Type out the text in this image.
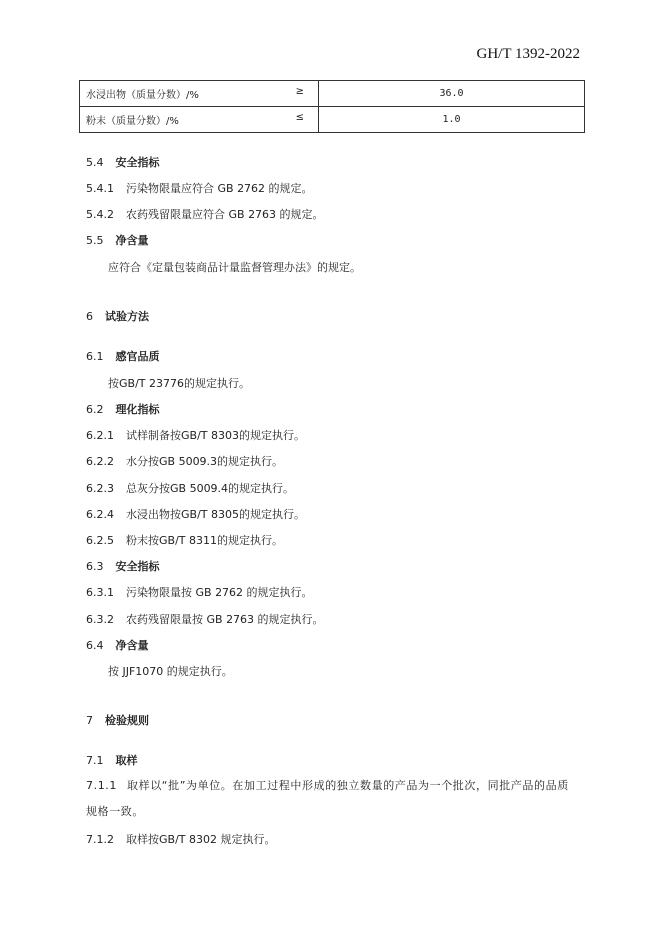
GH/T 1392-2022
水浸出物（质量分数）/% ≥	36.0
粉末（质量分数）/% ≤	1.0
5.4 安全指标
5.4.1 污染物限量应符合 GB 2762 的规定。
5.4.2 农药残留限量应符合 GB 2763 的规定。
5.5 净含量
应符合《定量包装商品计量监督管理办法》的规定。
6 试验方法
6.1 感官品质
按GB/T 23776的规定执行。
6.2 理化指标
6.2.1 试样制备按GB/T 8303的规定执行。
6.2.2 水分按GB 5009.3的规定执行。
6.2.3 总灰分按GB 5009.4的规定执行。
6.2.4 水浸出物按GB/T 8305的规定执行。
6.2.5 粉末按GB/T 8311的规定执行。
6.3 安全指标
6.3.1 污染物限量按 GB 2762 的规定执行。
6.3.2 农药残留限量按 GB 2763 的规定执行。
6.4 净含量
按 JJF1070 的规定执行。
7 检验规则
7.1 取样
7.1.1 取样以“批”为单位。在加工过程中形成的独立数量的产品为一个批次，同批产品的品质规格一致。
7.1.2 取样按GB/T 8302 规定执行。
